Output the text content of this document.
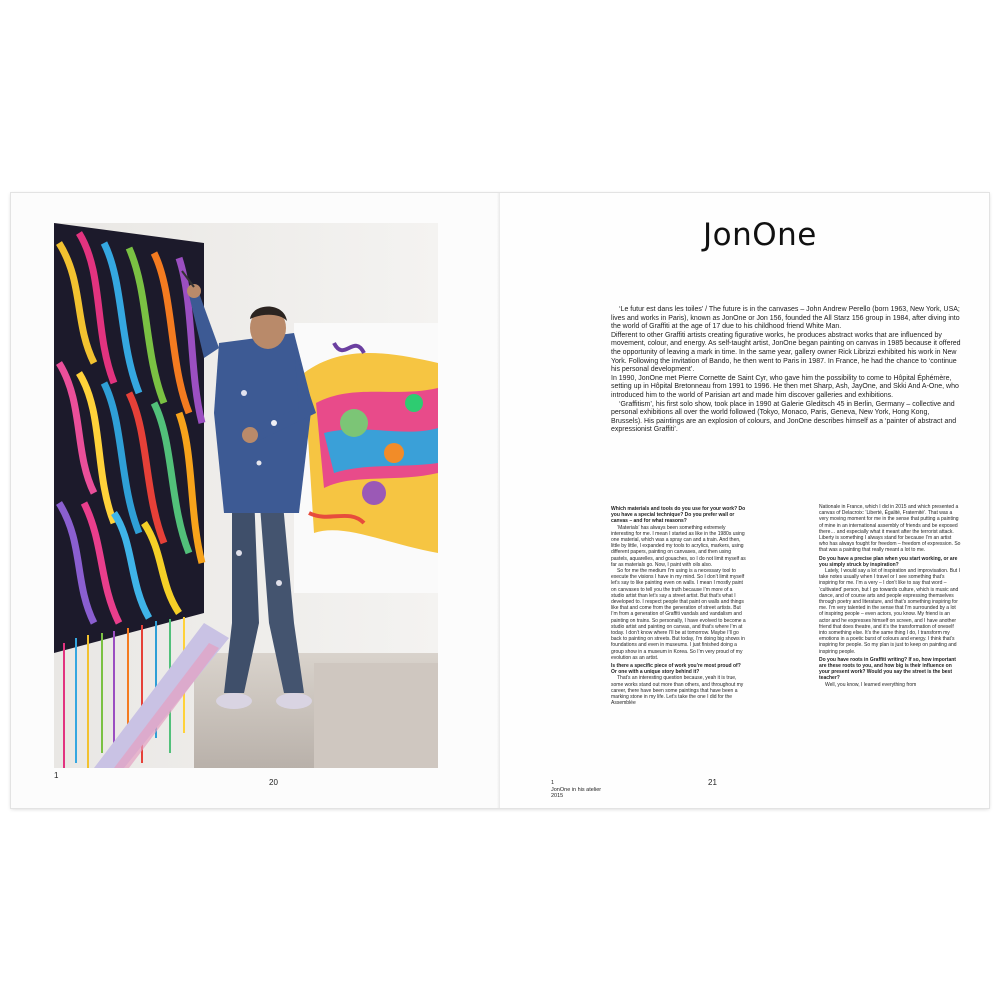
1
20
JonOne

‘Le futur est dans les toiles’ / The future is in the canvases – John Andrew Perello (born 1963, New York, USA; lives and works in Paris), known as JonOne or Jon 156, founded the All Starz 156 group in 1984, after diving into the world of Graffiti at the age of 17 due to his childhood friend White Man.

Different to other Graffiti artists creating figurative works, he produces abstract works that are influenced by movement, colour, and energy. As self-taught artist, JonOne began painting on canvas in 1985 because it offered the opportunity of leaving a mark in time. In the same year, gallery owner Rick Librizzi exhibited his work in New York. Following the invitation of Bando, he then went to Paris in 1987. In France, he had the chance to ‘continue his personal development’.

In 1990, JonOne met Pierre Cornette de Saint Cyr, who gave him the possibility to come to Hôpital Éphémère, setting up in Hôpital Bretonneau from 1991 to 1996. He then met Sharp, Ash, JayOne, and Skki And A-One, who introduced him to the world of Parisian art and made him discover galleries and exhibitions.

‘Graffitism’, his first solo show, took place in 1990 at Galerie Gleditsch 45 in Berlin, Germany – collective and personal exhibitions all over the world followed (Tokyo, Monaco, Paris, Geneva, New York, Hong Kong, Brussels). His paintings are an explosion of colours, and JonOne describes himself as a ‘painter of abstract and expressionist Graffiti’.

Which materials and tools do you use for your work? Do you have a special technique? Do you prefer wall or canvas – and for what reasons?

‘Materials’ has always been something extremely interesting for me. I mean I started as like in the 1980s using one material, which was a spray can and a train. And then, little by little, I expanded my tools to acrylics, markers, using different papers, painting on canvases, and then using pastels, aquarelles, and gouaches, so I do not limit myself as far as materials go. Now, I paint with oils also.

So for me the medium I’m using is a necessary tool to execute the visions I have in my mind. So I don’t limit myself let’s say to like painting even on walls. I mean I mostly paint on canvases to tell you the truth because I’m more of a studio artist than let’s say a street artist. But that’s what I developed to. I respect people that paint on walls and things like that and come from the generation of street artists. But I’m from a generation of Graffiti vandals and vandalism and painting on trains. So personally, I have evolved to become a studio artist and painting on canvas, and that’s where I’m at today. I don’t know where I’ll be at tomorrow. Maybe I’ll go back to painting on streets. But today, I’m doing big shows in foundations and even in museums. I just finished doing a group show in a museum in Korea. So I’m very proud of my evolution as an artist.

Is there a specific piece of work you’re most proud of? Or one with a unique story behind it?

That’s an interesting question because, yeah it is true, some works stand out more than others, and throughout my career, there have been some paintings that have been a marking stone in my life. Let’s take the one I did for the Assemblée

Nationale in France, which I did in 2015 and which presented a canvas of Delacroix: ‘Liberté, Égalité, Fraternité’. That was a very moving moment for me in the sense that putting a painting of mine in an international assembly of friends and be exposed there… and especially what it meant after the terrorist attack. Liberty is something I always stand for because I’m an artist who has always fought for freedom – freedom of expression. So that was a painting that really meant a lot to me.

Do you have a precise plan when you start working, or are you simply struck by inspiration?

Lately, I would say a lot of inspiration and improvisation. But I take notes usually when I travel or I see something that’s inspiring for me. I’m a very – I don’t like to say that word – ‘cultivated’ person, but I go towards culture, which is music and dance, and of course arts and people expressing themselves through poetry and literature, and that’s something inspiring for me. I’m very talented in the sense that I’m surrounded by a lot of inspiring people – even actors, you know. My friend is an actor and he expresses himself on screen, and I have another friend that does theatre, and it’s the transformation of oneself into something else. It’s the same thing I do, I transform my emotions in a poetic burst of colours and energy. I think that’s inspiring for people. So my plan is just to keep on painting and inspiring people.

Do you have roots in Graffiti writing? If so, how important are these roots to you, and how big is their influence on your present work? Would you say the street is the best teacher?

Well, you know, I learned everything from

1
JonOne in his atelier
2015
21
